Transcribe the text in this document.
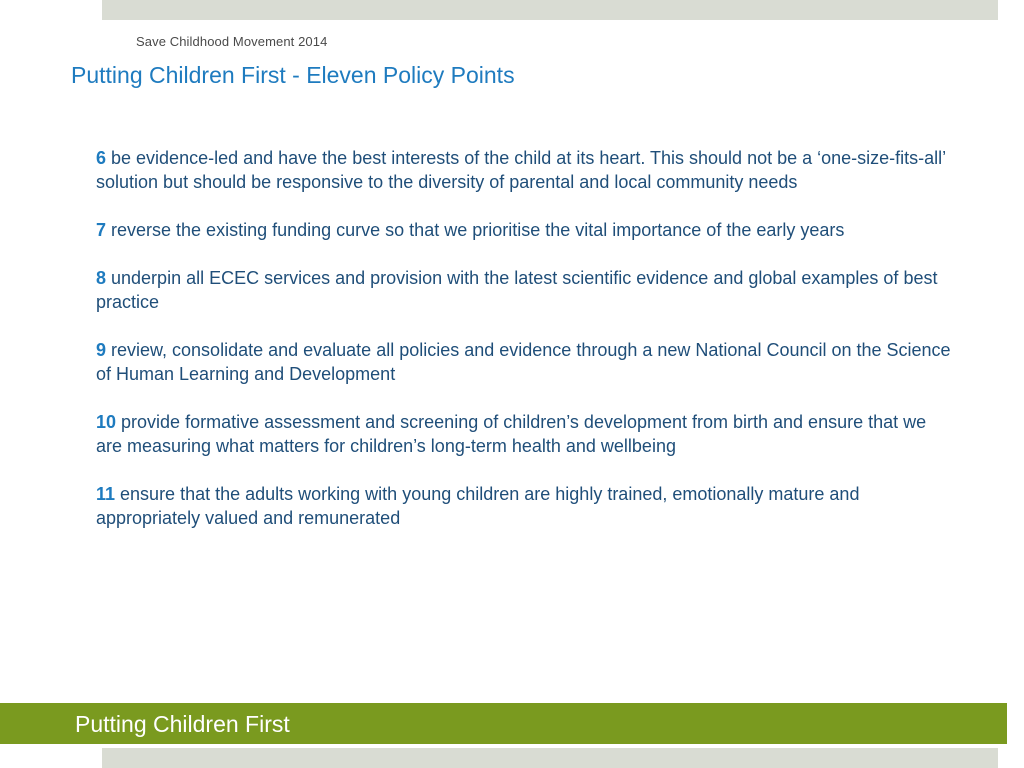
Save Childhood Movement 2014
Putting Children First - Eleven Policy Points

6 be evidence-led and have the best interests of the child at its heart. This should not be a ‘one-size-fits-all’ solution but should be responsive to the diversity of parental and local community needs

7 reverse the existing funding curve so that we prioritise the vital importance of the early years

8 underpin all ECEC services and provision with the latest scientific evidence and global examples of best practice

9 review, consolidate and evaluate all policies and evidence through a new National Council on the Science of Human Learning and Development

10 provide formative assessment and screening of children’s development from birth and ensure that we are measuring what matters for children’s long-term health and wellbeing

11 ensure that the adults working with young children are highly trained, emotionally mature and appropriately valued and remunerated

Putting Children First
